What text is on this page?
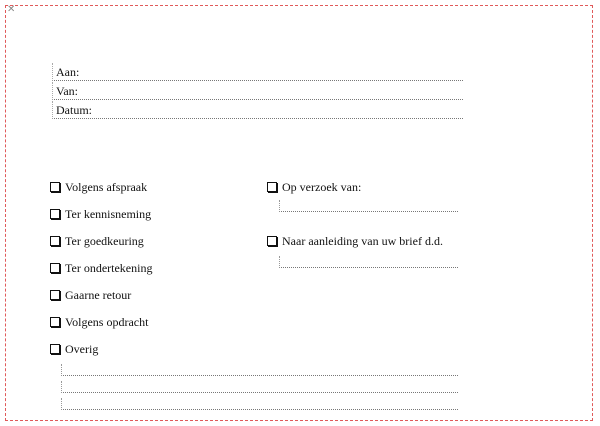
✕
Aan:
Van:
Datum:
Volgens afspraak
Ter kennisneming
Ter goedkeuring
Ter ondertekening
Gaarne retour
Volgens opdracht
Overig
Op verzoek van:
Naar aanleiding van uw brief d.d.
